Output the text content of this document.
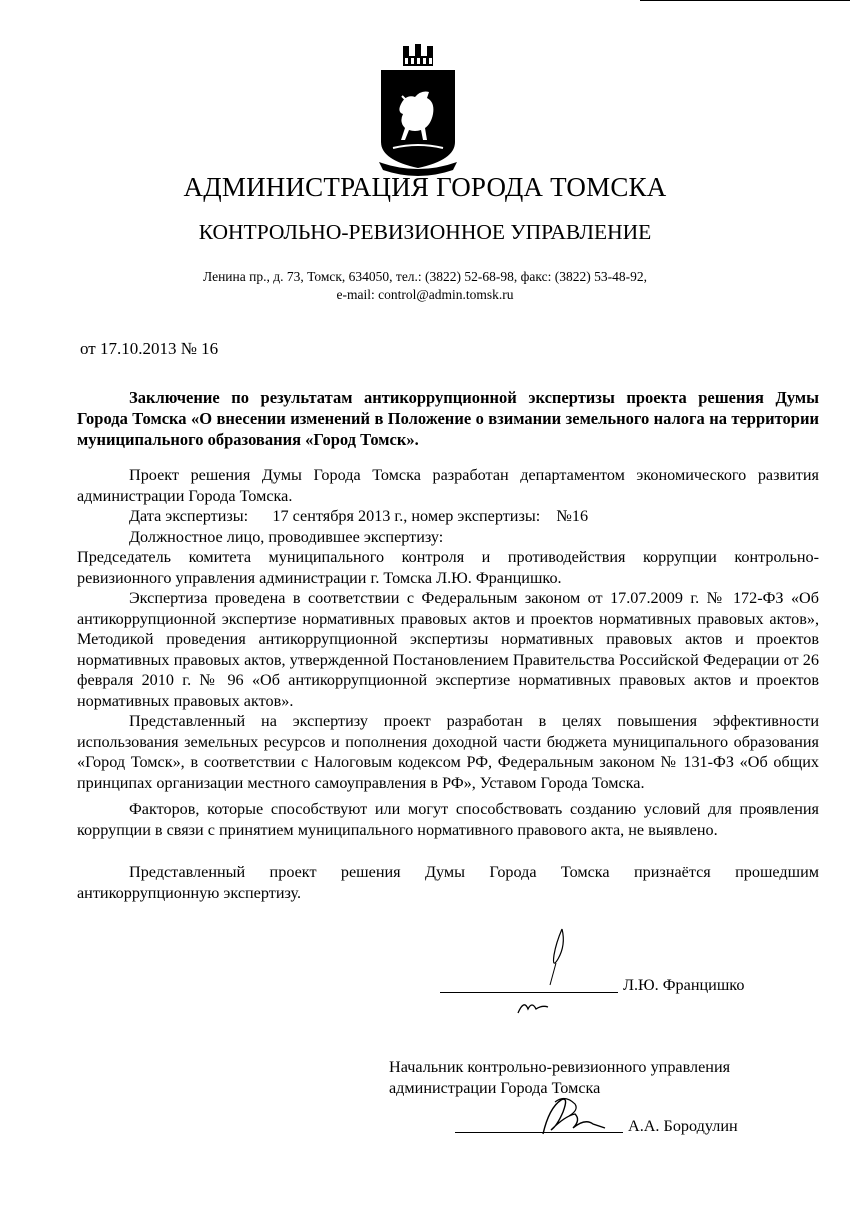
АДМИНИСТРАЦИЯ ГОРОДА ТОМСКА
КОНТРОЛЬНО-РЕВИЗИОННОЕ УПРАВЛЕНИЕ
Ленина пр., д. 73, Томск, 634050, тел.: (3822) 52-68-98, факс: (3822) 53-48-92,
e-mail: control@admin.tomsk.ru
от 17.10.2013 № 16
Заключение по результатам антикоррупционной экспертизы проекта решения Думы Города Томска «О внесении изменений в Положение о взимании земельного налога на территории муниципального образования «Город Томск».

Проект решения Думы Города Томска разработан департаментом экономического развития администрации Города Томска.

Дата экспертизы: 17 сентября 2013 г., номер экспертизы: №16

Должностное лицо, проводившее экспертизу:

Председатель комитета муниципального контроля и противодействия коррупции контрольно-ревизионного управления администрации г. Томска Л.Ю. Францишко.

Экспертиза проведена в соответствии с Федеральным законом от 17.07.2009 г. № 172-ФЗ «Об антикоррупционной экспертизе нормативных правовых актов и проектов нормативных правовых актов», Методикой проведения антикоррупционной экспертизы нормативных правовых актов и проектов нормативных правовых актов, утвержденной Постановлением Правительства Российской Федерации от 26 февраля 2010 г. № 96 «Об антикоррупционной экспертизе нормативных правовых актов и проектов нормативных правовых актов».

Представленный на экспертизу проект разработан в целях повышения эффективности использования земельных ресурсов и пополнения доходной части бюджета муниципального образования «Город Томск», в соответствии с Налоговым кодексом РФ, Федеральным законом № 131-ФЗ «Об общих принципах организации местного самоуправления в РФ», Уставом Города Томска.

Факторов, которые способствуют или могут способствовать созданию условий для проявления коррупции в связи с принятием муниципального нормативного правового акта, не выявлено.

Представленный проект решения Думы Города Томска признаётся прошедшим антикоррупционную экспертизу.

Л.Ю. Францишко
Начальник контрольно-ревизионного управления
администрации Города Томска
А.А. Бородулин
